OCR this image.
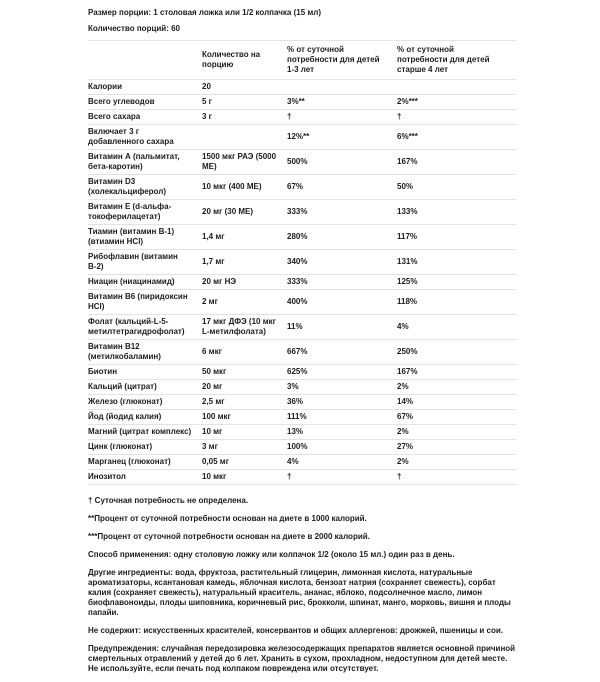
Размер порции: 1 столовая ложка или 1/2 колпачка (15 мл)

Количество порций: 60

	Количество на порцию	% от суточной потребности для детей 1-3 лет	% от суточной потребности для детей старше 4 лет
Калории	20		
Всего углеводов	5 г	3%**	2%***
Всего сахара	3 г	†	†
Включает 3 г добавленного сахара		12%**	6%***
Витамин А (пальмитат, бета-каротин)	1500 мкг РАЭ (5000 МЕ)	500%	167%
Витамин D3 (холекальциферол)	10 мкг (400 МЕ)	67%	50%
Витамин Е (d-альфа-токоферилацетат)	20 мг (30 МЕ)	333%	133%
Тиамин (витамин В-1) (втиамин HCl)	1,4 мг	280%	117%
Рибофлавин (витамин В-2)	1,7 мг	340%	131%
Ниацин (ниацинамид)	20 мг НЭ	333%	125%
Витамин В6 (пиридоксин HCl)	2 мг	400%	118%
Фолат (кальций-L-5-метилтетрагидрофолат)	17 мкг ДФЭ (10 мкг L-метилфолата)	11%	4%
Витамин В12 (метилкобаламин)	6 мкг	667%	250%
Биотин	50 мкг	625%	167%
Кальций (цитрат)	20 мг	3%	2%
Железо (глюконат)	2,5 мг	36%	14%
Йод (йодид калия)	100 мкг	111%	67%
Магний (цитрат комплекс)	10 мг	13%	2%
Цинк (глюконат)	3 мг	100%	27%
Марганец (глюконат)	0,05 мг	4%	2%
Инозитол	10 мкг	†	†

† Суточная потребность не определена.

**Процент от суточной потребности основан на диете в 1000 калорий.

***Процент от суточной потребности основан на диете в 2000 калорий.

Способ применения: одну столовую ложку или колпачок 1/2 (около 15 мл.) один раз в день.

Другие ингредиенты: вода, фруктоза, растительный глицерин, лимонная кислота, натуральные ароматизаторы, ксантановая камедь, яблочная кислота, бензоат натрия (сохраняет свежесть), сорбат калия (сохраняет свежесть), натуральный краситель, ананас, яблоко, подсолнечное масло, лимон биофлавоноиды, плоды шиповника, коричневый рис, брокколи, шпинат, манго, морковь, вишня и плоды папайи.

Не содержит: искусственных красителей, консервантов и общих аллергенов: дрожжей, пшеницы и сои.

Предупреждения: случайная передозировка железосодержащих препаратов является основной причиной смертельных отравлений у детей до 6 лет. Хранить в сухом, прохладном, недоступном для детей месте. Не используйте, если печать под колпаком повреждена или отсутствует.
